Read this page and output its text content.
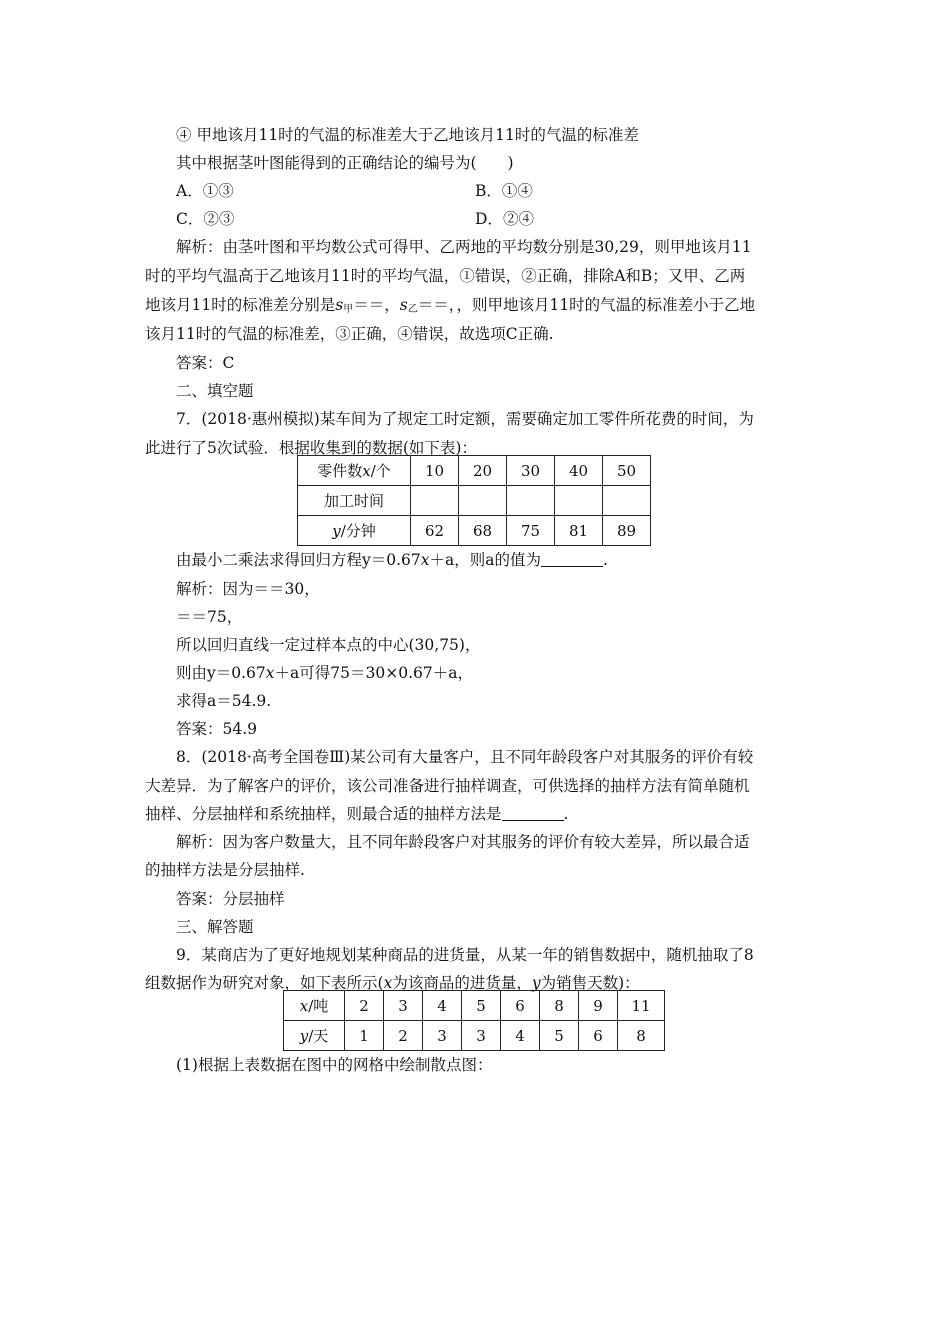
④ 甲地该月11时的气温的标准差大于乙地该月11时的气温的标准差
其中根据茎叶图能得到的正确结论的编号为(　　)
A．①③	B．①④
C．②③	D．②④
解析：由茎叶图和平均数公式可得甲、乙两地的平均数分别是30,29，则甲地该月11
时的平均气温高于乙地该月11时的平均气温，①错误，②正确，排除A和B；又甲、乙两
地该月11时的标准差分别是$s_甲==$，$s_乙==$，，则甲地该月11时的气温的标准差小于乙地
该月11时的气温的标准差，③正确，④错误，故选项C正确.
答案：C
二、填空题
7．(2018·惠州模拟)某车间为了规定工时定额，需要确定加工零件所花费的时间，为
此进行了5次试验．根据收集到的数据(如下表)：
零件数x/个	10	20	30	40	50
加工时间					
y/分钟	62	68	75	81	89
由最小二乘法求得回归方程y＝0.67x＋a，则a的值为	.
解析：因为＝＝30，
＝＝75，
所以回归直线一定过样本点的中心(30,75)，
则由y＝0.67x＋a可得75＝30×0.67＋a，
求得a＝54.9.
答案：54.9
8．(2018·高考全国卷Ⅲ)某公司有大量客户，且不同年龄段客户对其服务的评价有较
大差异．为了解客户的评价，该公司准备进行抽样调查，可供选择的抽样方法有简单随机
抽样、分层抽样和系统抽样，则最合适的抽样方法是	.
解析：因为客户数量大，且不同年龄段客户对其服务的评价有较大差异，所以最合适
的抽样方法是分层抽样.
答案：分层抽样
三、解答题
9．某商店为了更好地规划某种商品的进货量，从某一年的销售数据中，随机抽取了8
组数据作为研究对象，如下表所示(x为该商品的进货量，y为销售天数)：
x/吨	2	3	4	5	6	8	9	11
y/天	1	2	3	3	4	5	6	8
(1)根据上表数据在图中的网格中绘制散点图：
